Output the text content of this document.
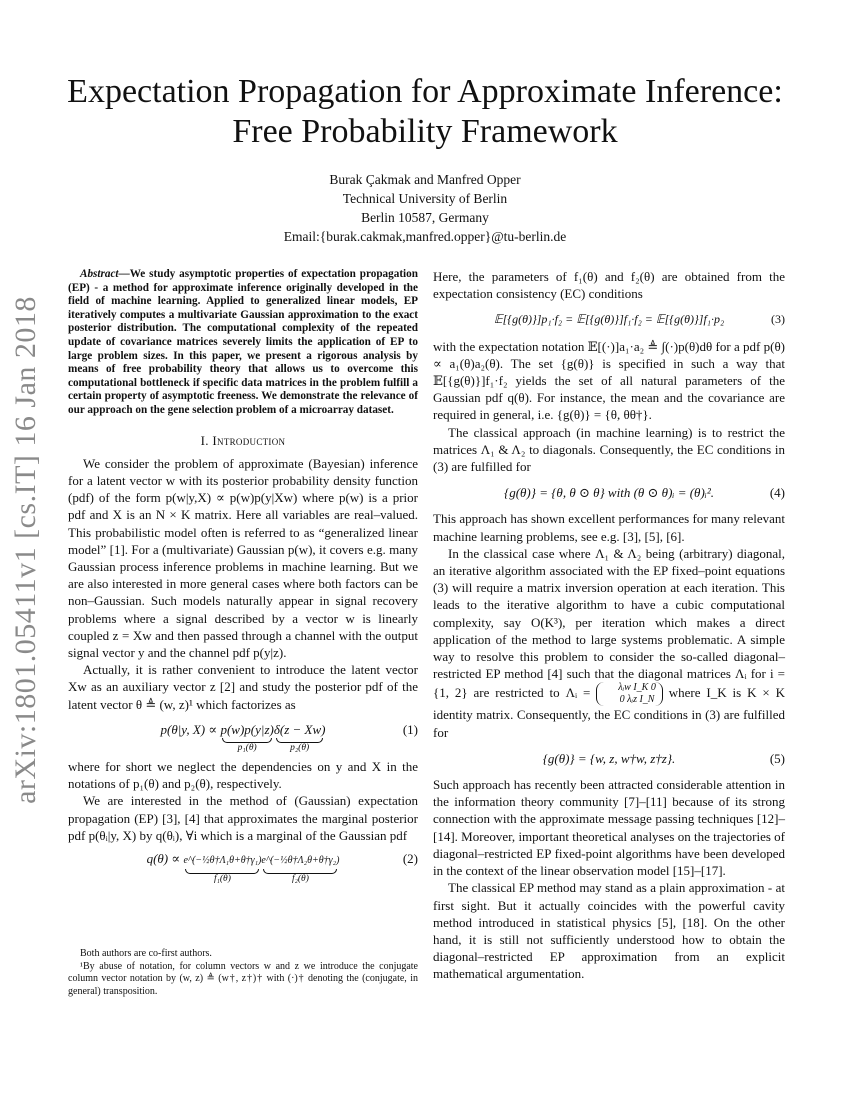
arXiv:1801.05411v1 [cs.IT] 16 Jan 2018
Expectation Propagation for Approximate Inference:
Free Probability Framework
Burak Çakmak and Manfred Opper
Technical University of Berlin
Berlin 10587, Germany
Email:{burak.cakmak,manfred.opper}@tu-berlin.de

Abstract—We study asymptotic properties of expectation propagation (EP) - a method for approximate inference originally developed in the field of machine learning. Applied to generalized linear models, EP iteratively computes a multivariate Gaussian approximation to the exact posterior distribution. The computational complexity of the repeated update of covariance matrices severely limits the application of EP to large problem sizes. In this paper, we present a rigorous analysis by means of free probability theory that allows us to overcome this computational bottleneck if specific data matrices in the problem fulfill a certain property of asymptotic freeness. We demonstrate the relevance of our approach on the gene selection problem of a microarray dataset.

I. Introduction

We consider the problem of approximate (Bayesian) inference for a latent vector w with its posterior probability density function (pdf) of the form p(w|y,X) ∝ p(w)p(y|Xw) where p(w) is a prior pdf and X is an N × K matrix. Here all variables are real–valued. This probabilistic model often is referred to as “generalized linear model” [1]. For a (multivariate) Gaussian p(w), it covers e.g. many Gaussian process inference problems in machine learning. But we are also interested in more general cases where both factors can be non–Gaussian. Such models naturally appear in signal recovery problems where a signal described by a vector w is linearly coupled z = Xw and then passed through a channel with the output signal vector y and the channel pdf p(y|z).

Actually, it is rather convenient to introduce the latent vector Xw as an auxiliary vector z [2] and study the posterior pdf of the latent vector θ ≜ (w, z)¹ which factorizes as

p(θ|y, X) ∝ p(w)p(y|z)
p₁(θ)
δ(z − Xw)
p₂(θ)
(1)

where for short we neglect the dependencies on y and X in the notations of p₁(θ) and p₂(θ), respectively.

We are interested in the method of (Gaussian) expectation propagation (EP) [3], [4] that approximates the marginal posterior pdf p(θᵢ|y, X) by q(θᵢ), ∀i which is a marginal of the Gaussian pdf

q(θ) ∝ e^(−½θ†Λ₁θ+θ†γ₁)
f₁(θ)
e^(−½θ†Λ₂θ+θ†γ₂)
f₂(θ)
(2)

Both authors are co-first authors.

¹By abuse of notation, for column vectors w and z we introduce the conjugate column vector notation by (w, z) ≜ (w†, z†)† with (·)† denoting the (conjugate, in general) transposition.

Here, the parameters of f₁(θ) and f₂(θ) are obtained from the expectation consistency (EC) conditions

𝔼[{g(θ)}]p₁·f₂ = 𝔼[{g(θ)}]f₁·f₂ = 𝔼[{g(θ)}]f₁·p₂	(3)

with the expectation notation 𝔼[(·)]a₁·a₂ ≜ ∫(·)p(θ)dθ for a pdf p(θ) ∝ a₁(θ)a₂(θ). The set {g(θ)} is specified in such a way that 𝔼[{g(θ)}]f₁·f₂ yields the set of all natural parameters of the Gaussian pdf q(θ). For instance, the mean and the covariance are required in general, i.e. {g(θ)} = {θ, θθ†}.

The classical approach (in machine learning) is to restrict the matrices Λ₁ & Λ₂ to diagonals. Consequently, the EC conditions in (3) are fulfilled for

{g(θ)} = {θ, θ ⊙ θ} with (θ ⊙ θ)ᵢ = (θ)ᵢ².	(4)

This approach has shown excellent performances for many relevant machine learning problems, see e.g. [3], [5], [6].

In the classical case where Λ₁ & Λ₂ being (arbitrary) diagonal, an iterative algorithm associated with the EP fixed–point equations (3) will require a matrix inversion operation at each iteration. This leads to the iterative algorithm to have a cubic computational complexity, say O(K³), per iteration which makes a direct application of the method to large systems problematic. A simple way to resolve this problem to consider the so-called diagonal–restricted EP method [4] such that the diagonal matrices Λᵢ for i = {1, 2} are restricted to Λᵢ =	λᵢw I_K 0
0 λᵢz I_N where I_K is K × K identity matrix. Consequently, the EC conditions in (3) are fulfilled for

{g(θ)} = {w, z, w†w, z†z}.	(5)

Such approach has recently been attracted considerable attention in the information theory community [7]–[11] because of its strong connection with the approximate message passing techniques [12]–[14]. Moreover, important theoretical analyses on the trajectories of diagonal–restricted EP fixed-point algorithms have been developed in the context of the linear observation model [15]–[17].

The classical EP method may stand as a plain approximation - at first sight. But it actually coincides with the powerful cavity method introduced in statistical physics [5], [18]. On the other hand, it is still not sufficiently understood how to obtain the diagonal–restricted EP approximation from an explicit mathematical argumentation.
